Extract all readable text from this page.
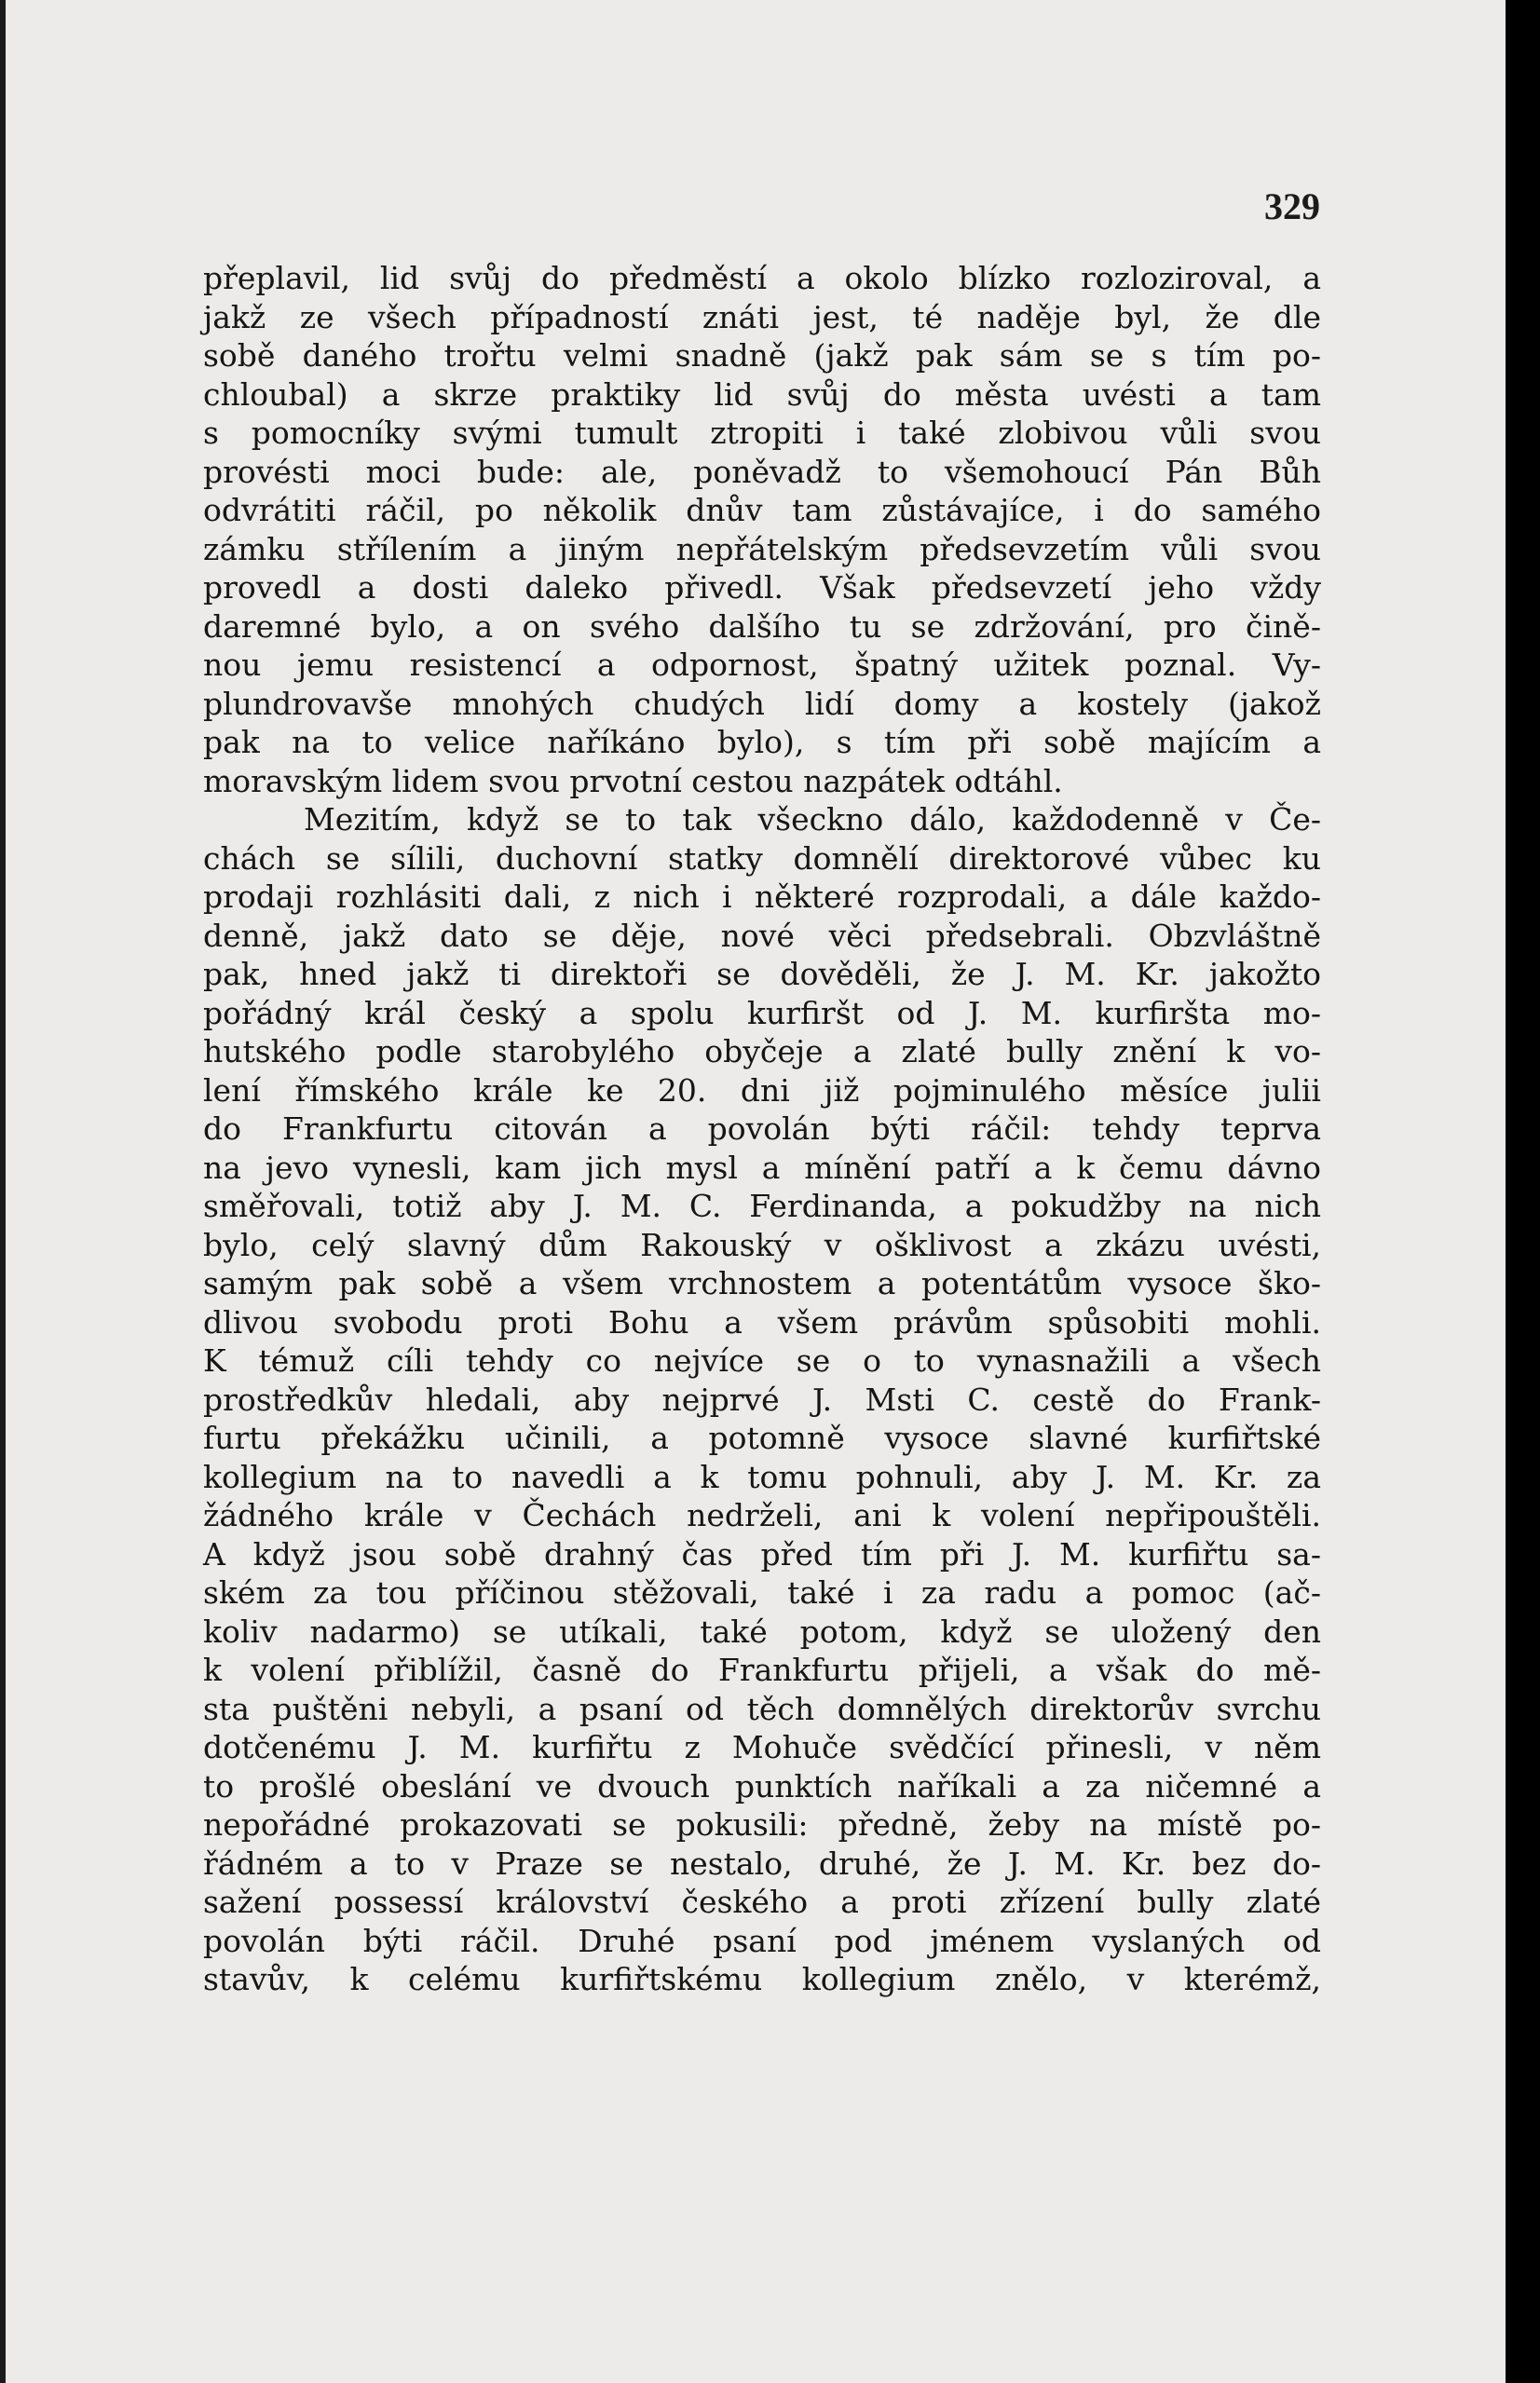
329

přeplavil, lid svůj do předměstí a okolo blízko rozloziroval, a
jakž ze všech případností znáti jest, té naděje byl, že dle
sobě daného trořtu velmi snadně (jakž pak sám se s tím po-
chloubal) a skrze praktiky lid svůj do města uvésti a tam
s pomocníky svými tumult ztropiti i také zlobivou vůli svou
provésti moci bude: ale, poněvadž to všemohoucí Pán Bůh
odvrátiti ráčil, po několik dnův tam zůstávajíce, i do samého
zámku střílením a jiným nepřátelským předsevzetím vůli svou
provedl a dosti daleko přivedl. Však předsevzetí jeho vždy
daremné bylo, a on svého dalšího tu se zdržování, pro čině-
nou jemu resistencí a odpornost, špatný užitek poznal. Vy-
plundrovavše mnohých chudých lidí domy a kostely (jakož
pak na to velice naříkáno bylo), s tím při sobě majícím a
moravským lidem svou prvotní cestou nazpátek odtáhl.
Mezitím, když se to tak všeckno dálo, každodenně v Če-
chách se sílili, duchovní statky domnělí direktorové vůbec ku
prodaji rozhlásiti dali, z nich i některé rozprodali, a dále každo-
denně, jakž dato se děje, nové věci předsebrali. Obzvláštně
pak, hned jakž ti direktoři se dověděli, že J. M. Kr. jakožto
pořádný král český a spolu kurfiršt od J. M. kurfiršta mo-
hutského podle starobylého obyčeje a zlaté bully znění k vo-
lení římského krále ke 20. dni již pojminulého měsíce julii
do Frankfurtu citován a povolán býti ráčil: tehdy teprva
na jevo vynesli, kam jich mysl a mínění patří a k čemu dávno
směřovali, totiž aby J. M. C. Ferdinanda, a pokudžby na nich
bylo, celý slavný dům Rakouský v ošklivost a zkázu uvésti,
samým pak sobě a všem vrchnostem a potentátům vysoce ško-
dlivou svobodu proti Bohu a všem právům spůsobiti mohli.
K témuž cíli tehdy co nejvíce se o to vynasnažili a všech
prostředkův hledali, aby nejprvé J. Msti C. cestě do Frank-
furtu překážku učinili, a potomně vysoce slavné kurfiřtské
kollegium na to navedli a k tomu pohnuli, aby J. M. Kr. za
žádného krále v Čechách nedrželi, ani k volení nepřipouštěli.
A když jsou sobě drahný čas před tím při J. M. kurfiřtu sa-
ském za tou příčinou stěžovali, také i za radu a pomoc (ač-
koliv nadarmo) se utíkali, také potom, když se uložený den
k volení přiblížil, časně do Frankfurtu přijeli, a však do mě-
sta puštěni nebyli, a psaní od těch domnělých direktorův svrchu
dotčenému J. M. kurfiřtu z Mohuče svědčící přinesli, v něm
to prošlé obeslání ve dvouch punktích naříkali a za ničemné a
nepořádné prokazovati se pokusili: předně, žeby na místě po-
řádném a to v Praze se nestalo, druhé, že J. M. Kr. bez do-
sažení possessí království českého a proti zřízení bully zlaté
povolán býti ráčil. Druhé psaní pod jménem vyslaných od
stavův, k celému kurfiřtskému kollegium znělo, v kterémž,
